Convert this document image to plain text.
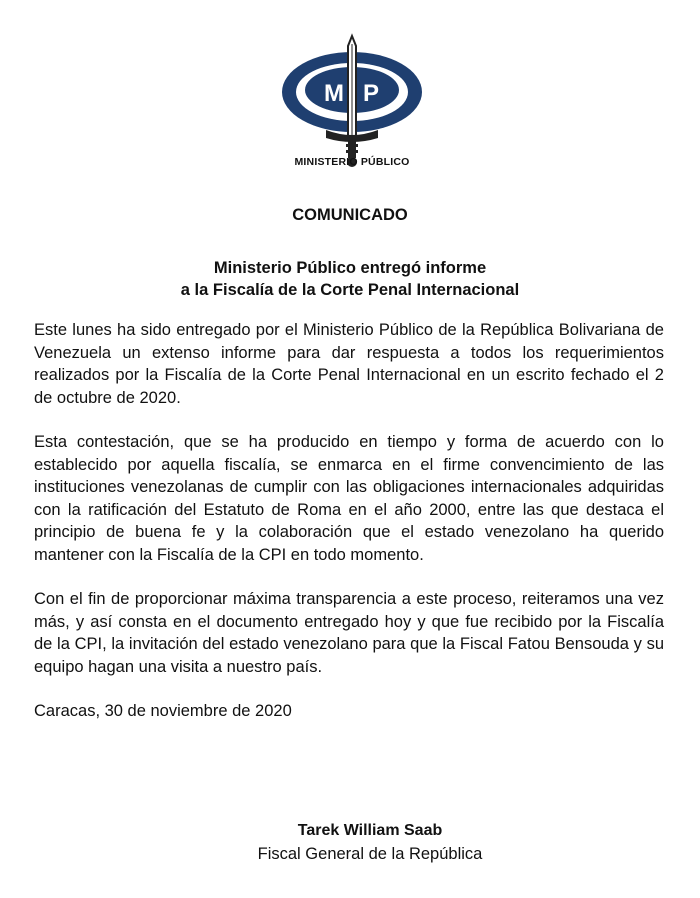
M P
MINISTERIO PÚBLICO
COMUNICADO
Ministerio Público entregó informe
a la Fiscalía de la Corte Penal Internacional

Este lunes ha sido entregado por el Ministerio Público de la República Bolivariana de Venezuela un extenso informe para dar respuesta a todos los requerimientos realizados por la Fiscalía de la Corte Penal Internacional en un escrito fechado el 2 de octubre de 2020.

Esta contestación, que se ha producido en tiempo y forma de acuerdo con lo establecido por aquella fiscalía, se enmarca en el firme convencimiento de las instituciones venezolanas de cumplir con las obligaciones internacionales adquiridas con la ratificación del Estatuto de Roma en el año 2000, entre las que destaca el principio de buena fe y la colaboración que el estado venezolano ha querido mantener con la Fiscalía de la CPI en todo momento.

Con el fin de proporcionar máxima transparencia a este proceso, reiteramos una vez más, y así consta en el documento entregado hoy y que fue recibido por la Fiscalía de la CPI, la invitación del estado venezolano para que la Fiscal Fatou Bensouda y su equipo hagan una visita a nuestro país.

Caracas, 30 de noviembre de 2020

Tarek William Saab
Fiscal General de la República
